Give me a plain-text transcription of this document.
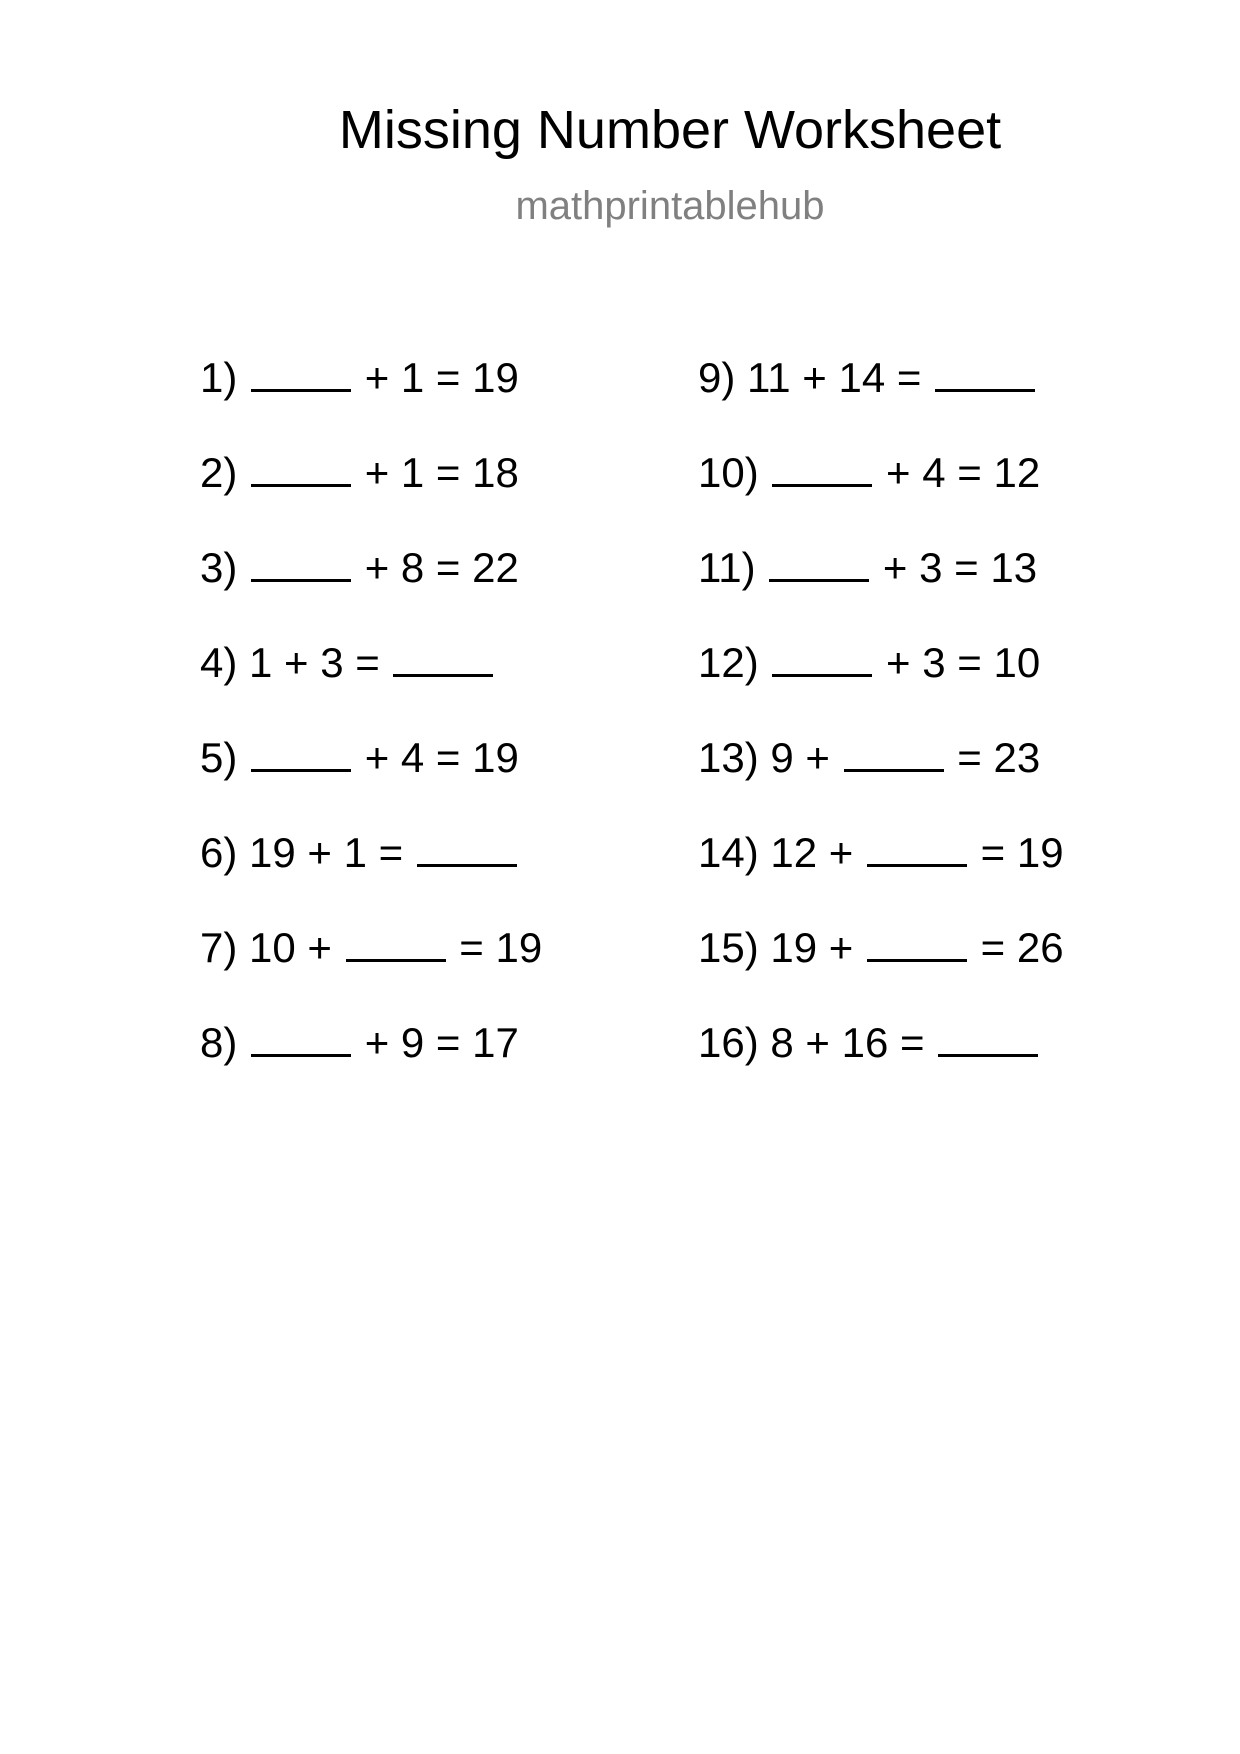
Missing Number Worksheet
mathprintablehub
1)	+ 1 = 19
2)	+ 1 = 18
3)	+ 8 = 22
4) 1 + 3 =
5)	+ 4 = 19
6) 19 + 1 =
7) 10 +  = 19
8)	+ 9 = 17
9) 11 + 14 =
10)	+ 4 = 12
11)	+ 3 = 13
12)	+ 3 = 10
13) 9 +  = 23
14) 12 +  = 19
15) 19 +  = 26
16) 8 + 16 =
